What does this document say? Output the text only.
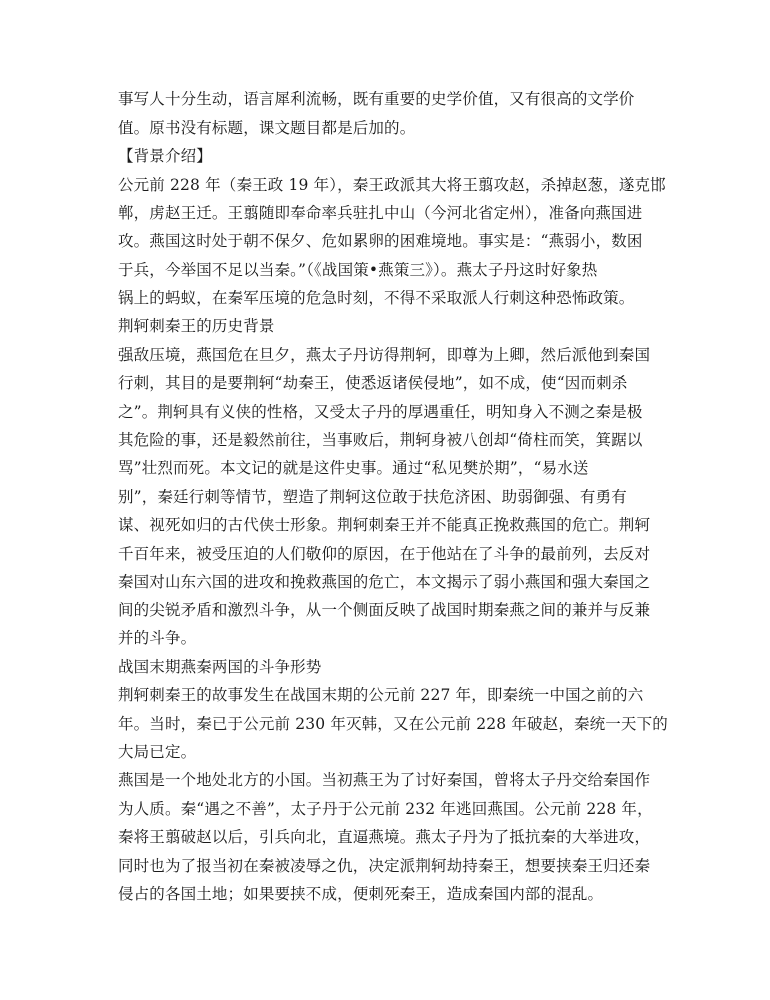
事写人十分生动，语言犀利流畅，既有重要的史学价值，又有很高的文学价
值。原书没有标题，课文题目都是后加的。
【背景介绍】
公元前 228 年（秦王政 19 年），秦王政派其大将王翦攻赵，杀掉赵葱，遂克邯
郸，虏赵王迁。王翦随即奉命率兵驻扎中山（今河北省定州），准备向燕国进
攻。燕国这时处于朝不保夕、危如累卵的困难境地。事实是：“燕弱小，数困
于兵，今举国不足以当秦。”（《战国策•燕策三》）。燕太子丹这时好象热
锅上的蚂蚁，在秦军压境的危急时刻，不得不采取派人行刺这种恐怖政策。
荆轲刺秦王的历史背景
强敌压境，燕国危在旦夕，燕太子丹访得荆轲，即尊为上卿，然后派他到秦国
行刺，其目的是要荆轲“劫秦王，使悉返诸侯侵地”，如不成，使“因而刺杀
之”。荆轲具有义侠的性格，又受太子丹的厚遇重任，明知身入不测之秦是极
其危险的事，还是毅然前往，当事败后，荆轲身被八创却“倚柱而笑，箕踞以
骂”壮烈而死。本文记的就是这件史事。通过“私见樊於期”，“易水送
别”，秦廷行刺等情节，塑造了荆轲这位敢于扶危济困、助弱御强、有勇有
谋、视死如归的古代侠士形象。荆轲刺秦王并不能真正挽救燕国的危亡。荆轲
千百年来，被受压迫的人们敬仰的原因，在于他站在了斗争的最前列，去反对
秦国对山东六国的进攻和挽救燕国的危亡，本文揭示了弱小燕国和强大秦国之
间的尖锐矛盾和激烈斗争，从一个侧面反映了战国时期秦燕之间的兼并与反兼
并的斗争。
战国末期燕秦两国的斗争形势
荆轲刺秦王的故事发生在战国末期的公元前 227 年，即秦统一中国之前的六
年。当时，秦已于公元前 230 年灭韩，又在公元前 228 年破赵，秦统一天下的
大局已定。
燕国是一个地处北方的小国。当初燕王为了讨好秦国，曾将太子丹交给秦国作
为人质。秦“遇之不善”，太子丹于公元前 232 年逃回燕国。公元前 228 年，
秦将王翦破赵以后，引兵向北，直逼燕境。燕太子丹为了抵抗秦的大举进攻，
同时也为了报当初在秦被凌辱之仇，决定派荆轲劫持秦王，想要挟秦王归还秦
侵占的各国土地；如果要挟不成，便刺死秦王，造成秦国内部的混乱。
